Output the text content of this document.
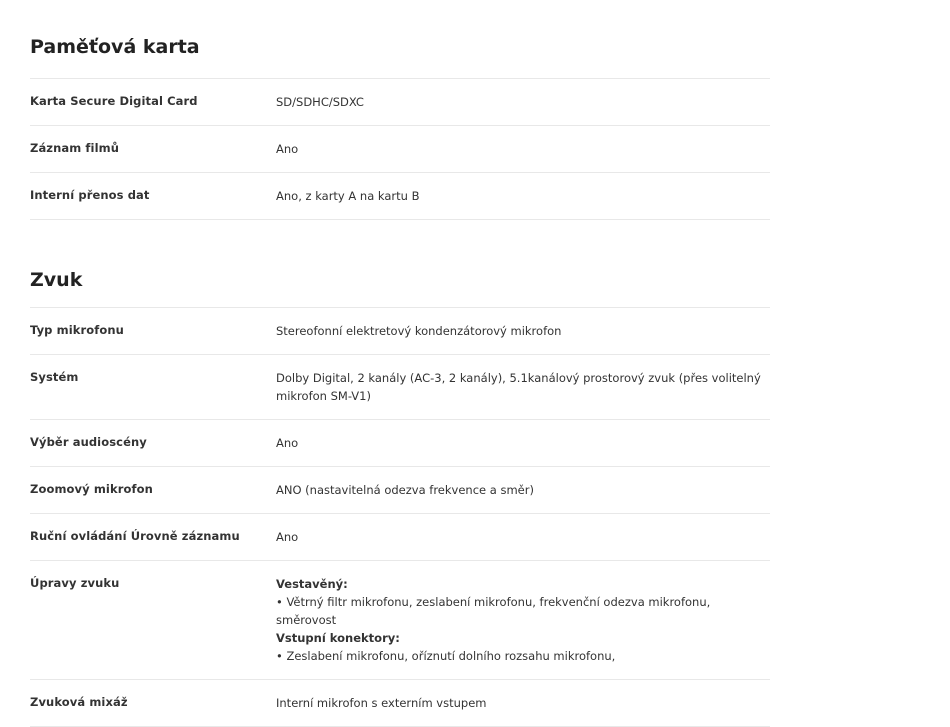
Paměťová karta
Karta Secure Digital Card	SD/SDHC/SDXC
Záznam filmů	Ano
Interní přenos dat	Ano, z karty A na kartu B
Zvuk
Typ mikrofonu	Stereofonní elektretový kondenzátorový mikrofon
Systém	Dolby Digital, 2 kanály (AC-3, 2 kanály), 5.1kanálový prostorový zvuk (přes volitelný mikrofon SM-V1)
Výběr audioscény	Ano
Zoomový mikrofon	ANO (nastavitelná odezva frekvence a směr)
Ruční ovládání Úrovně záznamu	Ano
Úpravy zvuku	Vestavěný:
• Větrný filtr mikrofonu, zeslabení mikrofonu, frekvenční odezva mikrofonu, směrovost
Vstupní konektory:
• Zeslabení mikrofonu, oříznutí dolního rozsahu mikrofonu,
Zvuková mixáž	Interní mikrofon s externím vstupem
